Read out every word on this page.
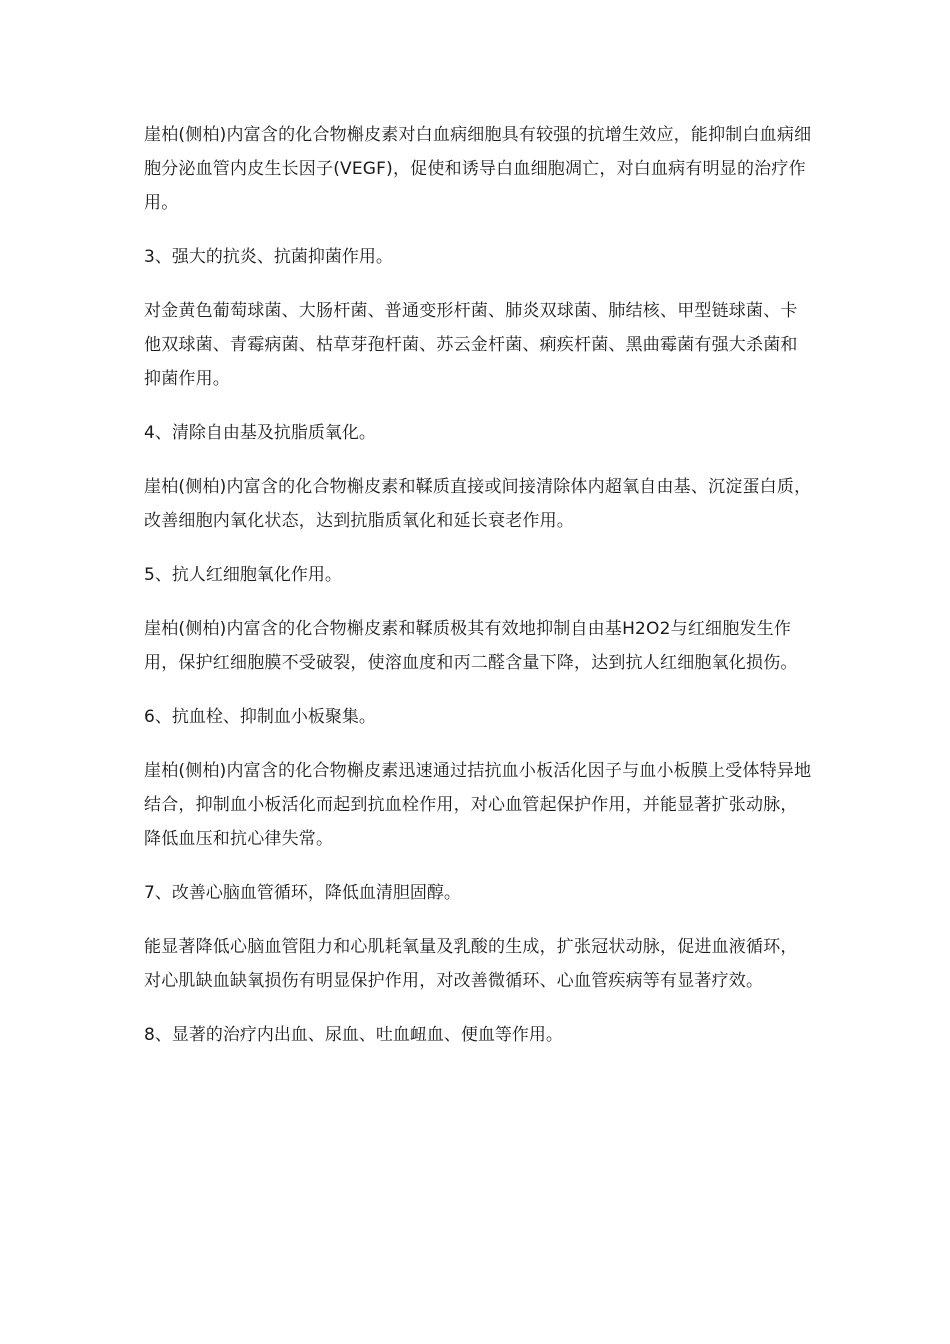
崖柏(侧柏)内富含的化合物槲皮素对白血病细胞具有较强的抗增生效应，能抑制白血病细胞分泌血管内皮生长因子(VEGF)，促使和诱导白血细胞凋亡，对白血病有明显的治疗作用。

3、强大的抗炎、抗菌抑菌作用。

对金黄色葡萄球菌、大肠杆菌、普通变形杆菌、肺炎双球菌、肺结核、甲型链球菌、卡他双球菌、青霉病菌、枯草芽孢杆菌、苏云金杆菌、痢疾杆菌、黑曲霉菌有强大杀菌和抑菌作用。

4、清除自由基及抗脂质氧化。

崖柏(侧柏)内富含的化合物槲皮素和鞣质直接或间接清除体内超氧自由基、沉淀蛋白质，改善细胞内氧化状态，达到抗脂质氧化和延长衰老作用。

5、抗人红细胞氧化作用。

崖柏(侧柏)内富含的化合物槲皮素和鞣质极其有效地抑制自由基H2O2与红细胞发生作用，保护红细胞膜不受破裂，使溶血度和丙二醛含量下降，达到抗人红细胞氧化损伤。

6、抗血栓、抑制血小板聚集。

崖柏(侧柏)内富含的化合物槲皮素迅速通过拮抗血小板活化因子与血小板膜上受体特异地结合，抑制血小板活化而起到抗血栓作用，对心血管起保护作用，并能显著扩张动脉，降低血压和抗心律失常。

7、改善心脑血管循环，降低血清胆固醇。

能显著降低心脑血管阻力和心肌耗氧量及乳酸的生成，扩张冠状动脉，促进血液循环，对心肌缺血缺氧损伤有明显保护作用，对改善微循环、心血管疾病等有显著疗效。

8、显著的治疗内出血、尿血、吐血衄血、便血等作用。
